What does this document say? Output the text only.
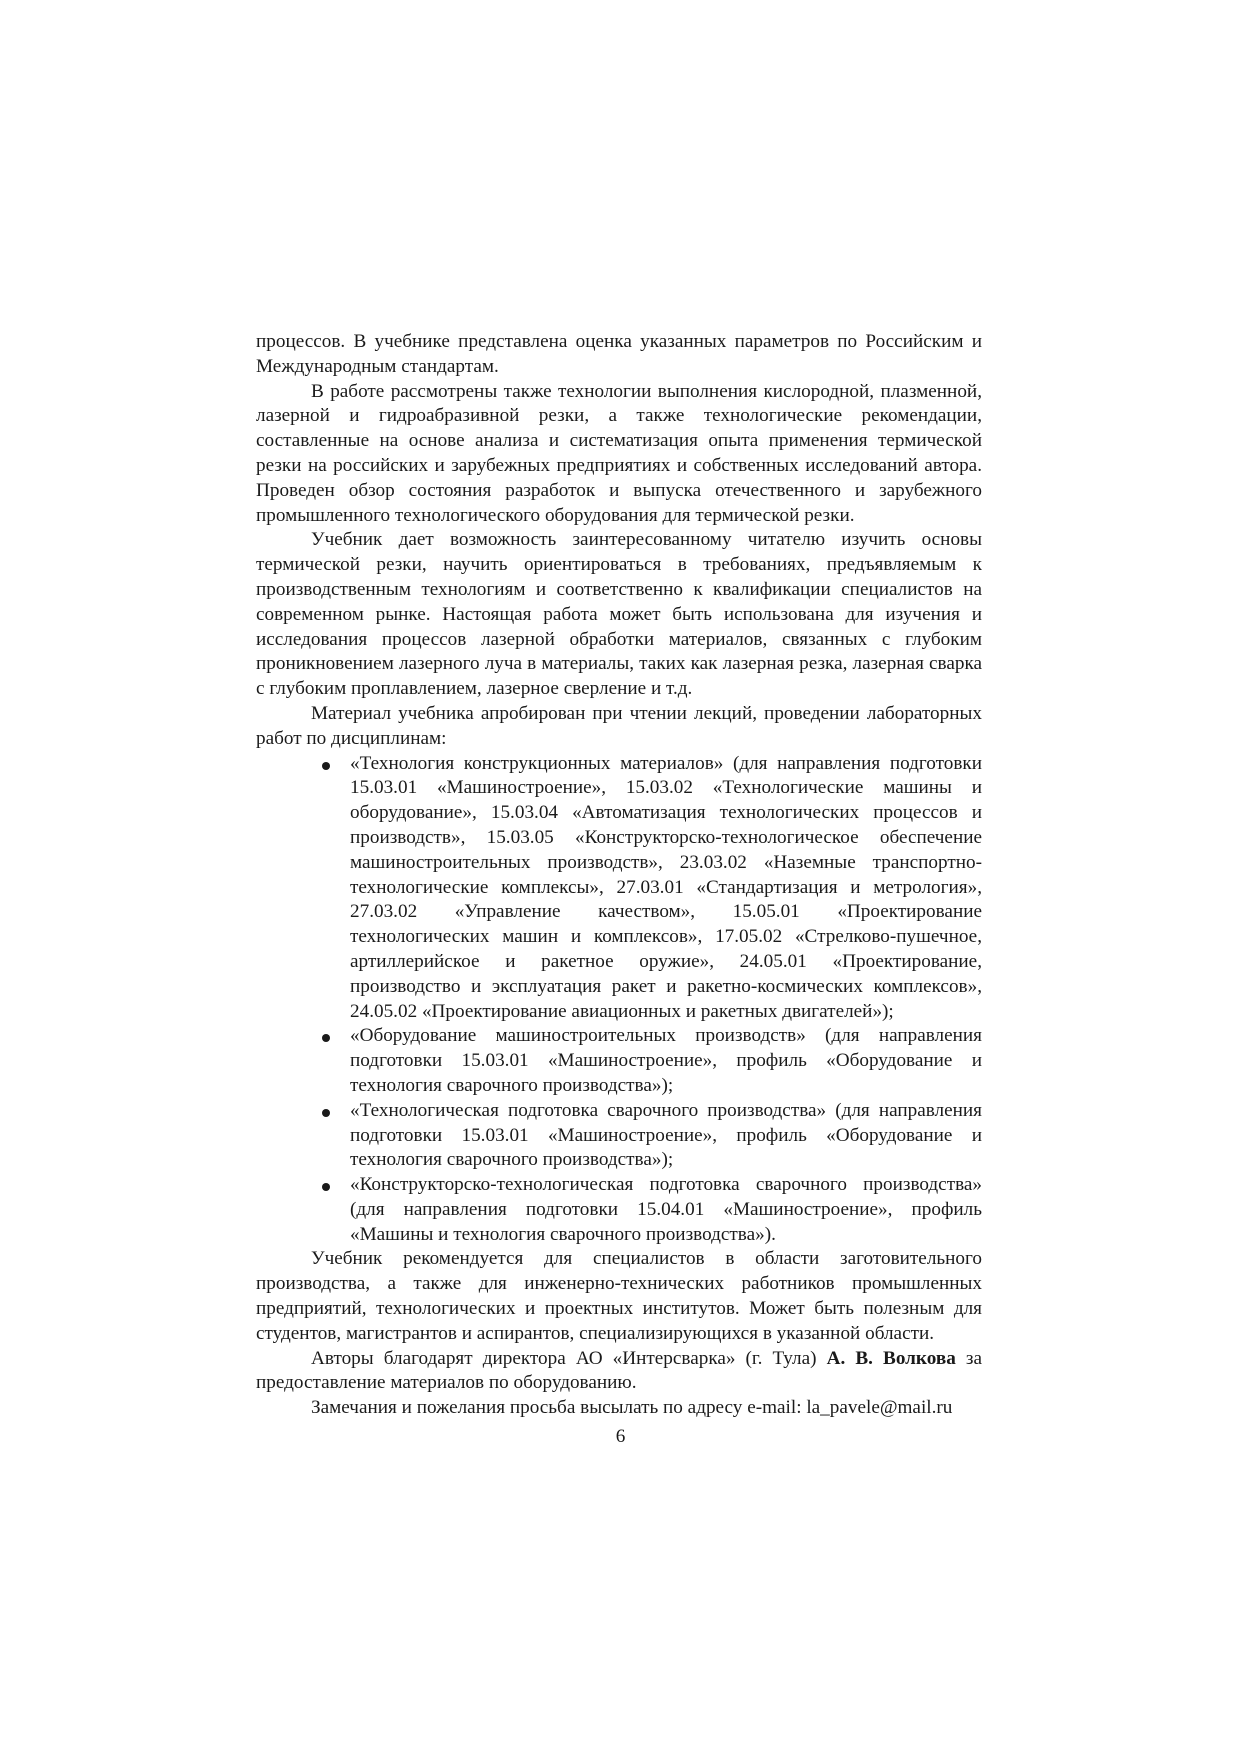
процессов. В учебнике представлена оценка указанных параметров по Российским и Международным стандартам.

В работе рассмотрены также технологии выполнения кислородной, плазменной, лазерной и гидроабразивной резки, а также технологические рекомендации, составленные на основе анализа и систематизация опыта применения термической резки на российских и зарубежных предприятиях и собственных исследований автора. Проведен обзор состояния разработок и выпуска отечественного и зарубежного промышленного технологического оборудования для термической резки.

Учебник дает возможность заинтересованному читателю изучить основы термической резки, научить ориентироваться в требованиях, предъявляемым к производственным технологиям и соответственно к квалификации специалистов на современном рынке. Настоящая работа может быть использована для изучения и исследования процессов лазерной обработки материалов, связанных с глубоким проникновением лазерного луча в материалы, таких как лазерная резка, лазерная сварка с глубоким проплавлением, лазерное сверление и т.д.

Материал учебника апробирован при чтении лекций, проведении лабораторных работ по дисциплинам:

«Технология конструкционных материалов» (для направления подготовки 15.03.01 «Машиностроение», 15.03.02 «Технологические машины и оборудование», 15.03.04 «Автоматизация технологических процессов и производств», 15.03.05 «Конструкторско-технологическое обеспечение машиностроительных производств», 23.03.02 «Наземные транспортно-технологические комплексы», 27.03.01 «Стандартизация и метрология», 27.03.02 «Управление качеством», 15.05.01 «Проектирование технологических машин и комплексов», 17.05.02 «Стрелково-пушечное, артиллерийское и ракетное оружие», 24.05.01 «Проектирование, производство и эксплуатация ракет и ракетно-космических комплексов», 24.05.02 «Проектирование авиационных и ракетных двигателей»);
«Оборудование машиностроительных производств» (для направления подготовки 15.03.01 «Машиностроение», профиль «Оборудование и технология сварочного производства»);
«Технологическая подготовка сварочного производства» (для направления подготовки 15.03.01 «Машиностроение», профиль «Оборудование и технология сварочного производства»);
«Конструкторско-технологическая подготовка сварочного производства» (для направления подготовки 15.04.01 «Машиностроение», профиль «Машины и технология сварочного производства»).

Учебник рекомендуется для специалистов в области заготовительного производства, а также для инженерно-технических работников промышленных предприятий, технологических и проектных институтов. Может быть полезным для студентов, магистрантов и аспирантов, специализирующихся в указанной области.

Авторы благодарят директора АО «Интерсварка» (г. Тула) А. В. Волкова за предоставление материалов по оборудованию.

Замечания и пожелания просьба высылать по адресу e-mail: la_pavele@mail.ru

6
